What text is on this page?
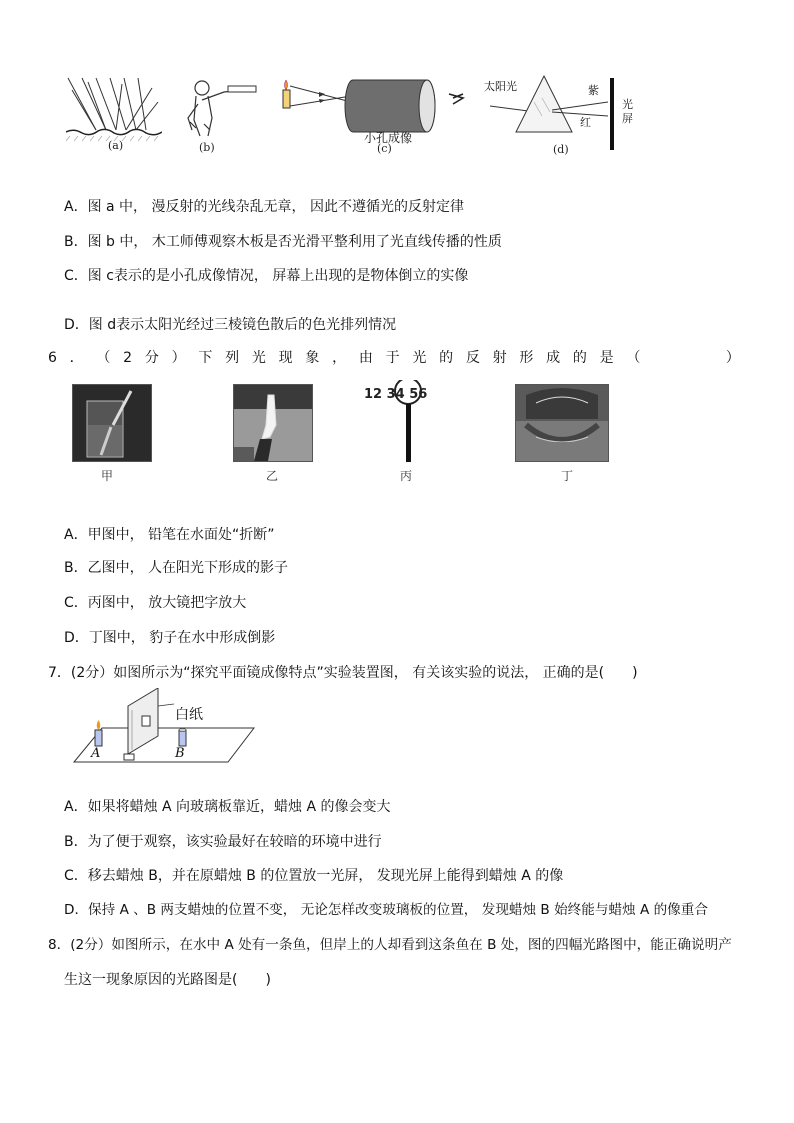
(a)	(b)
小孔成像
(c)
太阳光	紫
红
光
屏
(d)
A．图 a 中， 漫反射的光线杂乱无章， 因此不遵循光的反射定律
B．图 b 中， 木工师傅观察木板是否光滑平整利用了光直线传播的性质
C．图 c表示的是小孔成像情况， 屏幕上出现的是物体倒立的实像
D．图 d表示太阳光经过三棱镜色散后的色光排列情况
6 ． （ 2 分 ） 下 列 光 现 象 ， 由 于 光 的 反 射 形 成 的 是 （	）
甲	乙
12 34 56
丙	丁
A．甲图中， 铅笔在水面处“折断”
B．乙图中， 人在阳光下形成的影子
C．丙图中， 放大镜把字放大
D．丁图中， 豹子在水中形成倒影
7．(2分）如图所示为“探究平面镜成像特点”实验装置图， 有关该实验的说法， 正确的是(　　)
白纸
A	B
A．如果将蜡烛 A 向玻璃板靠近，蜡烛 A 的像会变大
B．为了便于观察，该实验最好在较暗的环境中进行
C．移去蜡烛 B，并在原蜡烛 B 的位置放一光屏， 发现光屏上能得到蜡烛 A 的像
D．保持 A 、B 两支蜡烛的位置不变， 无论怎样改变玻璃板的位置， 发现蜡烛 B 始终能与蜡烛 A 的像重合
8．(2分）如图所示，在水中 A 处有一条鱼，但岸上的人却看到这条鱼在 B 处，图的四幅光路图中，能正确说明产
生这一现象原因的光路图是(　　)
